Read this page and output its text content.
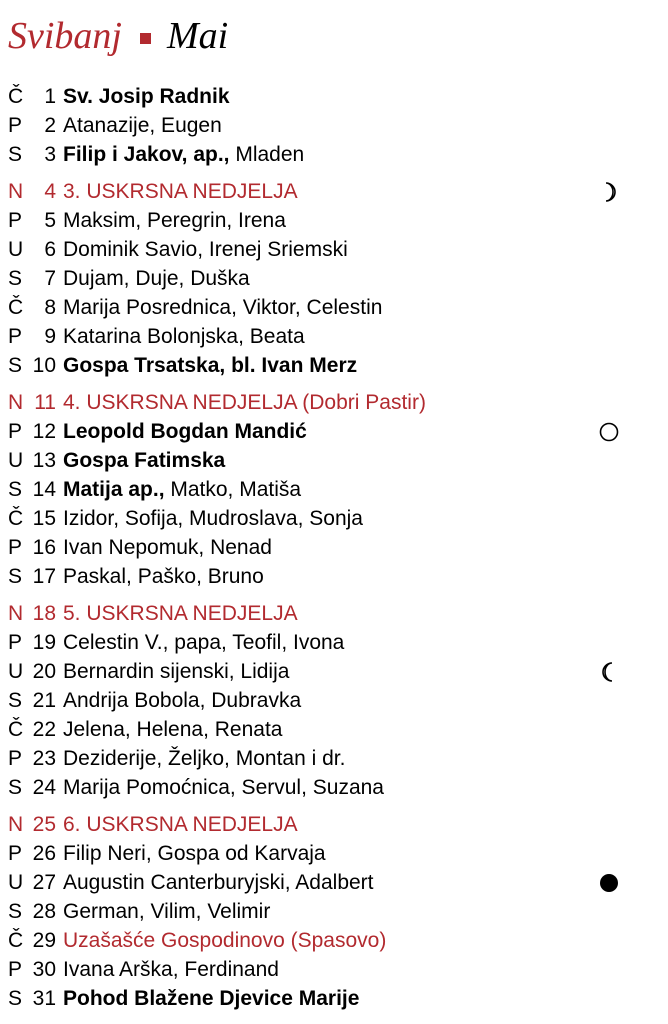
Svibanj Mai
Č	1 Sv. Josip Radnik
P	2 Atanazije, Eugen
S	3 Filip i Jakov, ap., Mladen
N	4 3. USKRSNA NEDJELJA
P	5 Maksim, Peregrin, Irena
U	6 Dominik Savio, Irenej Sriemski
S	7 Dujam, Duje, Duška
Č	8 Marija Posrednica, Viktor, Celestin
P	9 Katarina Bolonjska, Beata
S 10 Gospa Trsatska, bl. Ivan Merz
N 11 4. USKRSNA NEDJELJA (Dobri Pastir)
P 12 Leopold Bogdan Mandić
U 13 Gospa Fatimska
S 14 Matija ap., Matko, Matiša
Č 15 Izidor, Sofija, Mudroslava, Sonja
P 16 Ivan Nepomuk, Nenad
S 17 Paskal, Paško, Bruno
N 18 5. USKRSNA NEDJELJA
P 19 Celestin V., papa, Teofil, Ivona
U 20 Bernardin sijenski, Lidija
S 21 Andrija Bobola, Dubravka
Č 22 Jelena, Helena, Renata
P 23 Deziderije, Željko, Montan i dr.
S 24 Marija Pomoćnica, Servul, Suzana
N 25 6. USKRSNA NEDJELJA
P 26 Filip Neri, Gospa od Karvaja
U 27 Augustin Canterburyjski, Adalbert
S 28 German, Vilim, Velimir
Č 29 Uzašašće Gospodinovo (Spasovo)
P 30 Ivana Arška, Ferdinand
S 31 Pohod Blažene Djevice Marije
